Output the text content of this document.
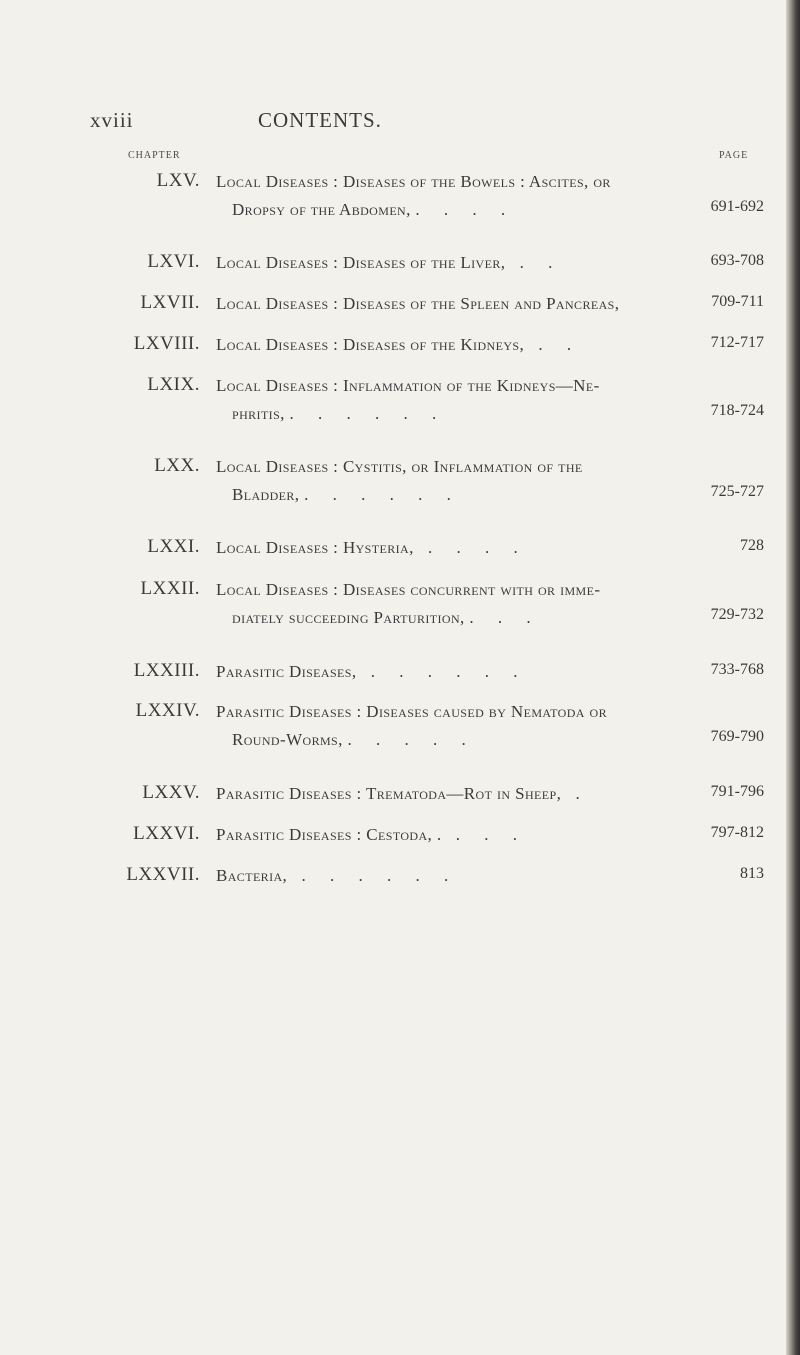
xviii	CONTENTS.
CHAPTER	PAGE
LXV. Local Diseases : Diseases of the Bowels : Ascites, or
Dropsy of the Abdomen, . . . .	691-692
LXVI. Local Diseases : Diseases of the Liver, . .	693-708
LXVII. Local Diseases : Diseases of the Spleen and Pancreas,	709-711
LXVIII. Local Diseases : Diseases of the Kidneys, . .	712-717
LXIX. Local Diseases : Inflammation of the Kidneys—Ne-
phritis, . . . . . .	718-724
LXX. Local Diseases : Cystitis, or Inflammation of the
Bladder, . . . . . .	725-727
LXXI. Local Diseases : Hysteria, . . . .	728
LXXII. Local Diseases : Diseases concurrent with or imme-
diately succeeding Parturition, . . .	729-732
LXXIII. Parasitic Diseases, . . . . . .	733-768
LXXIV. Parasitic Diseases : Diseases caused by Nematoda or
Round-Worms, . . . . .	769-790
LXXV. Parasitic Diseases : Trematoda—Rot in Sheep, .	791-796
LXXVI. Parasitic Diseases : Cestoda, . . . .	797-812
LXXVII. Bacteria, . . . . . .	813
